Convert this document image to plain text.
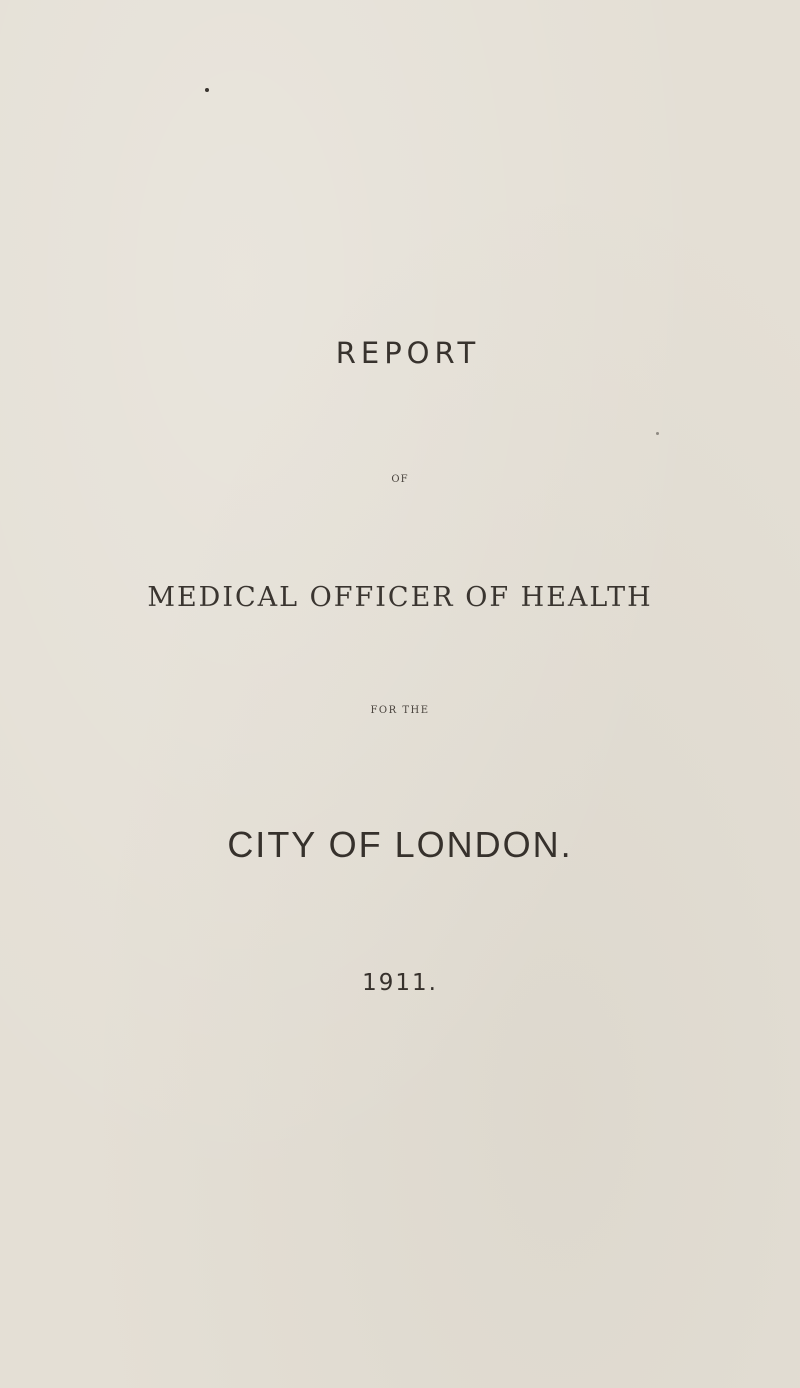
REPORT
OF
MEDICAL OFFICER OF HEALTH
FOR THE
CITY OF LONDON.
1911.
